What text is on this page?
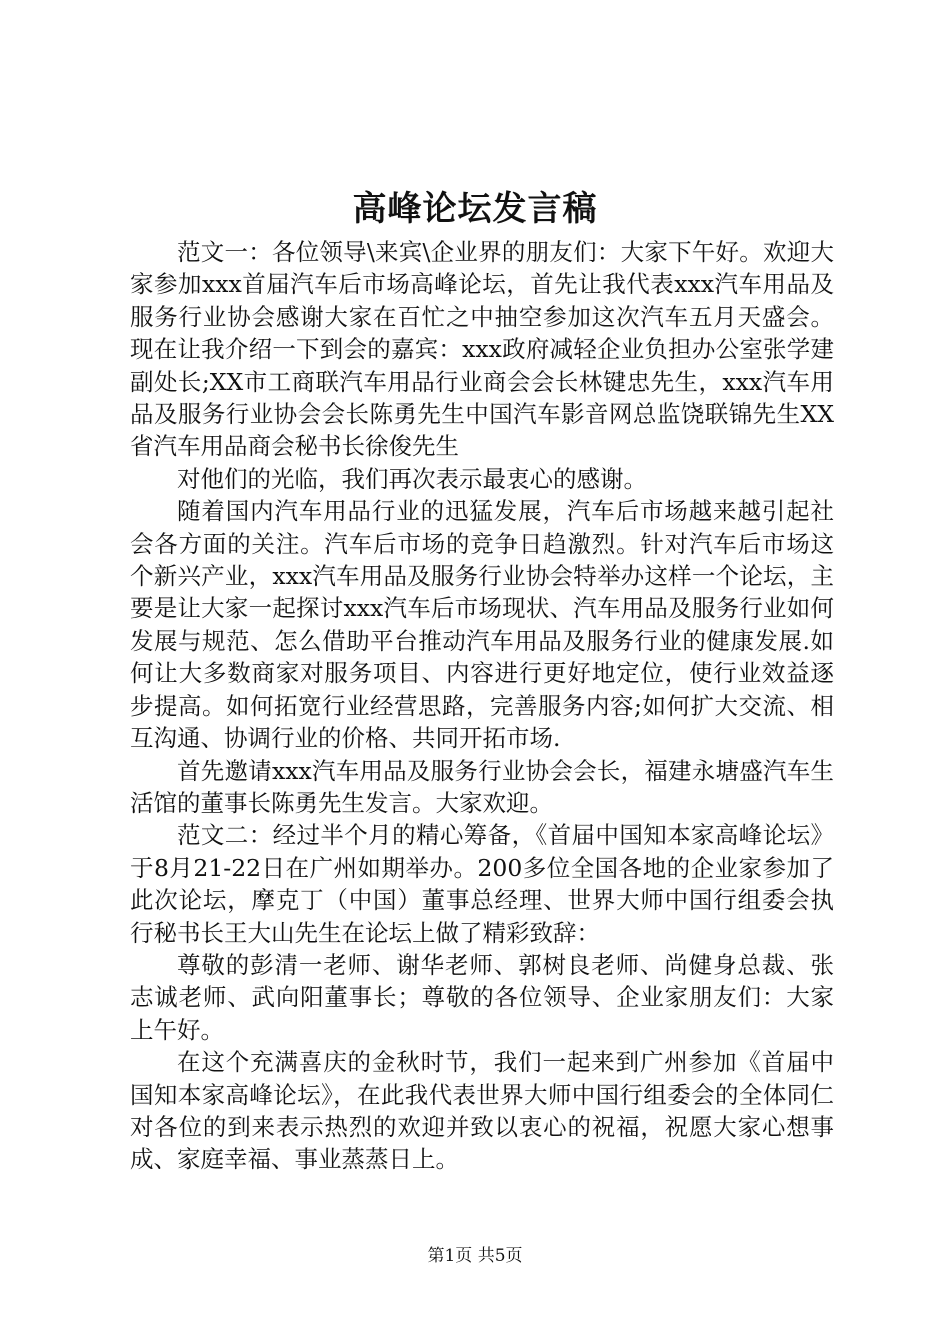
高峰论坛发言稿

范文一：各位领导\来宾\企业界的朋友们：大家下午好。欢迎大家参加xxx首届汽车后市场高峰论坛，首先让我代表xxx汽车用品及服务行业协会感谢大家在百忙之中抽空参加这次汽车五月天盛会。现在让我介绍一下到会的嘉宾：xxx政府减轻企业负担办公室张学建副处长;XX市工商联汽车用品行业商会会长林键忠先生，xxx汽车用品及服务行业协会会长陈勇先生中国汽车影音网总监饶联锦先生XX省汽车用品商会秘书长徐俊先生

对他们的光临，我们再次表示最衷心的感谢。

随着国内汽车用品行业的迅猛发展，汽车后市场越来越引起社会各方面的关注。汽车后市场的竞争日趋激烈。针对汽车后市场这个新兴产业，xxx汽车用品及服务行业协会特举办这样一个论坛，主要是让大家一起探讨xxx汽车后市场现状、汽车用品及服务行业如何发展与规范、怎么借助平台推动汽车用品及服务行业的健康发展.如何让大多数商家对服务项目、内容进行更好地定位，使行业效益逐步提高。如何拓宽行业经营思路，完善服务内容;如何扩大交流、相互沟通、协调行业的价格、共同开拓市场.

首先邀请xxx汽车用品及服务行业协会会长，福建永塘盛汽车生活馆的董事长陈勇先生发言。大家欢迎。

范文二：经过半个月的精心筹备，《首届中国知本家高峰论坛》于8月21-22日在广州如期举办。200多位全国各地的企业家参加了此次论坛，摩克丁（中国）董事总经理、世界大师中国行组委会执行秘书长王大山先生在论坛上做了精彩致辞：

尊敬的彭清一老师、谢华老师、郭树良老师、尚健身总裁、张志诚老师、武向阳董事长；尊敬的各位领导、企业家朋友们：大家上午好。

在这个充满喜庆的金秋时节，我们一起来到广州参加《首届中国知本家高峰论坛》，在此我代表世界大师中国行组委会的全体同仁对各位的到来表示热烈的欢迎并致以衷心的祝福，祝愿大家心想事成、家庭幸福、事业蒸蒸日上。

第1页 共5页
